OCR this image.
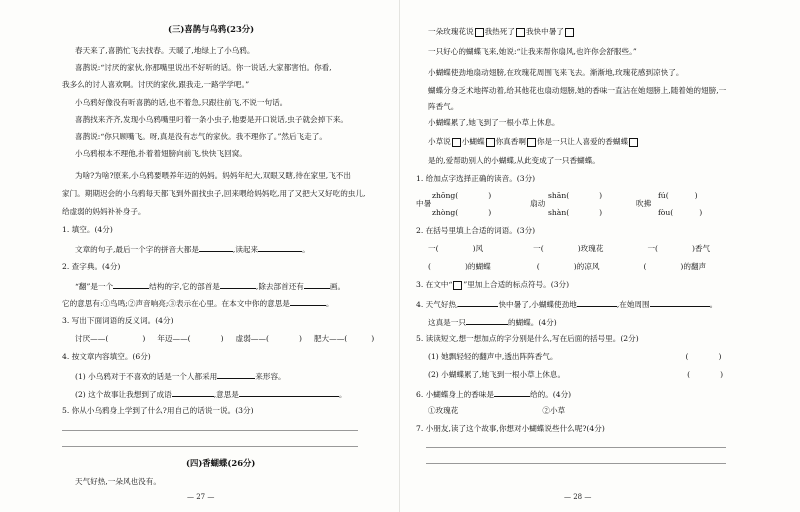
(三)喜鹊与乌鸦(23分)
春天来了,喜鹊忙飞去找春。天暖了,地绿上了小乌鸦。
喜鹊说:“讨厌的家伙,你那嘴里说出不好听的话。你一说话,大家都害怕。你看,
我多么的讨人喜欢啊。讨厌的家伙,跟我走,一路学学吧。”
小乌鸦好像没有听喜鹊的话,也不着急,只跟往前飞,不说一句话。
喜鹊找来齐齐,发现小乌鸦嘴里叼着一条小虫子,他要是开口说话,虫子就会掉下来。
喜鹊说:“你只顾嘴飞。呀,真是没有志气的家伙。我不理你了。”然后飞走了。
小乌鸦根本不理他,扑着着翅膀向前飞,快快飞回窝。
为啥?为啥?原来,小乌鸦要喂养年迈的妈妈。妈妈年纪大,双眼又瞎,待在家里,飞不出
家门。期期迟会的小乌鸦每天都飞到外面找虫子,回来喂给妈妈吃,用了又把大又好吃的虫儿,
给虚弱的妈妈补补身子。
1. 填空。(4分)
文章的句子,最后一个字的拼音大都是	,读起来	。
2. 查字典。(4分)
“翻”是一个	结构的字,它的部首是	,除去部首还有	画。
它的意思有:①鸟鸣;②声音响亮;③表示在心里。在本文中你的意思是	。
3. 写出下面词语的反义词。(4分)
讨厌——(	) 年迈——(	) 虚弱——(	) 肥大——(	)
4. 按文章内容填空。(6分)
(1) 小乌鸦对于不喜欢的话是一个人都采用	来形容。
(2) 这个故事让我想到了成语	,意思是	。
5. 你从小乌鸦身上学到了什么?用自己的话说一说。(3分)
(四)香蝴蝶(26分)
天气好热,一朵风也没有。
— 27 —
一朵玫瑰花说 我热死了 我快中暑了
一只好心的蝴蝶飞来,她说:“让我来帮你扇风,也许你会舒服些。”
小蝴蝶使劲地扇动翅膀,在玫瑰花周围飞来飞去。渐渐地,玫瑰花感到凉快了。
蝴蝶分身乏术地挥动着,给其他花也扇动翅膀,她的香味一直沾在她翅膀上,随着她的翅膀,一
阵香气。
小蝴蝶累了,她飞到了一根小草上休息。
小草说 小蝴蝶 你真香啊 你是一只让人喜爱的香蝴蝶
是的,爱帮助别人的小蝴蝶,从此变成了一只香蝴蝶。
1. 给加点字选择正确的读音。(3分)
zhōng(	)
中暑
zhòng(	)
shān(	)
扇动
shàn(	)
fú(	)
吹拂
fòu(	)
2. 在括号里填上合适的词语。(3分)
一(	)风	一(	)玫瑰花	一(	)香气
(	)的蝴蝶	(	)的凉风	(	)的翻声
3. 在文中“ ”里加上合适的标点符号。(3分)
4. 天气好热,	快中暑了,小蝴蝶使劲地	,在她周围	。
这真是一只	的蝴蝶。(4分)
5. 读读短文,想一想加点的字分别是什么,写在后面的括号里。(2分)
(1) 她飘轻轻的翻声中,透出阵阵香气。	(	)
(2) 小蝴蝶累了,她飞到一根小草上休息。	(	)
6. 小蝴蝶身上的香味是	给的。(4分)
①玫瑰花	②小草
7. 小朋友,读了这个故事,你想对小蝴蝶说些什么呢?(4分)
— 28 —
